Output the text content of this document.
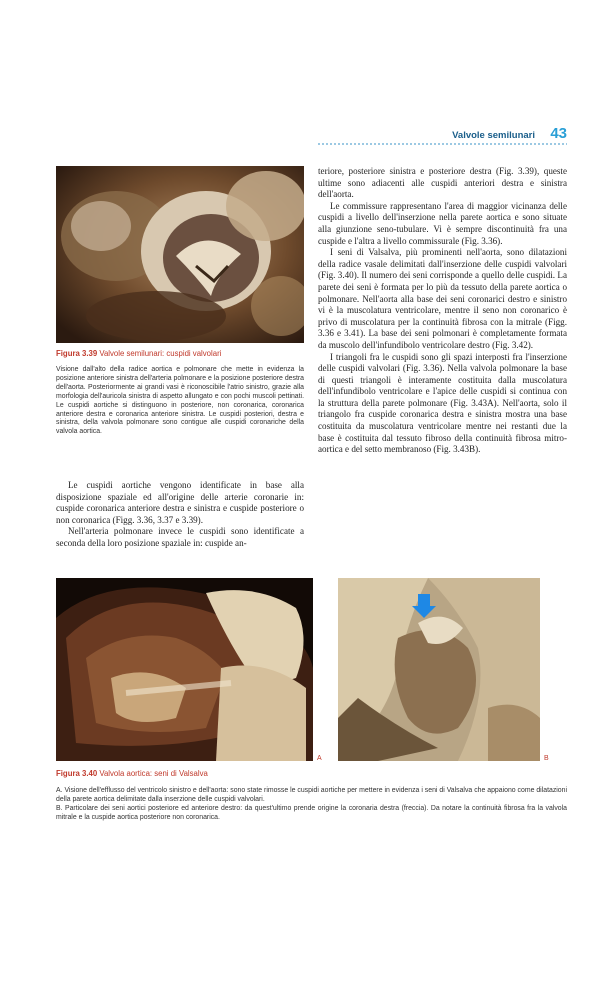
Valvole semilunari 43
Figura 3.39 Valvole semilunari: cuspidi valvolari

Visione dall'alto della radice aortica e polmonare che mette in evidenza la posizione anteriore sinistra dell'arteria polmonare e la posizione posteriore destra dell'aorta. Posteriormente ai grandi vasi è riconoscibile l'atrio sinistro, grazie alla morfologia dell'auricola sinistra di aspetto allungato e con pochi muscoli pettinati. Le cuspidi aortiche si distinguono in posteriore, non coronarica, coronarica anteriore destra e coronarica anteriore sinistra. Le cuspidi posteriori, destra e sinistra, della valvola polmonare sono contigue alle cuspidi coronariche della valvola aortica.

Le cuspidi aortiche vengono identificate in base alla disposizione spaziale ed all'origine delle arterie coronarie in: cuspide coronarica anteriore destra e sinistra e cuspide posteriore o non coronarica (Figg. 3.36, 3.37 e 3.39).

Nell'arteria polmonare invece le cuspidi sono identificate a seconda della loro posizione spaziale in: cuspide an-

teriore, posteriore sinistra e posteriore destra (Fig. 3.39), queste ultime sono adiacenti alle cuspidi anteriori destra e sinistra dell'aorta.

Le commissure rappresentano l'area di maggior vicinanza delle cuspidi a livello dell'inserzione nella parete aortica e sono situate alla giunzione seno-tubulare. Vi è sempre discontinuità fra una cuspide e l'altra a livello commissurale (Fig. 3.36).

I seni di Valsalva, più prominenti nell'aorta, sono dilatazioni della radice vasale delimitati dall'inserzione delle cuspidi valvolari (Fig. 3.40). Il numero dei seni corrisponde a quello delle cuspidi. La parete dei seni è formata per lo più da tessuto della parete aortica o polmonare. Nell'aorta alla base dei seni coronarici destro e sinistro vi è la muscolatura ventricolare, mentre il seno non coronarico è privo di muscolatura per la continuità fibrosa con la mitrale (Figg. 3.36 e 3.41). La base dei seni polmonari è completamente formata da muscolo dell'infundibolo ventricolare destro (Fig. 3.42).

I triangoli fra le cuspidi sono gli spazi interposti fra l'inserzione delle cuspidi valvolari (Fig. 3.36). Nella valvola polmonare la base di questi triangoli è interamente costituita dalla muscolatura dell'infundibolo ventricolare e l'apice delle cuspidi si continua con la struttura della parete polmonare (Fig. 3.43A). Nell'aorta, solo il triangolo fra cuspide coronarica destra e sinistra mostra una base costituita da muscolatura ventricolare mentre nei restanti due la base è costituita dal tessuto fibroso della continuità fibrosa mitro-aortica e del setto membranoso (Fig. 3.43B).

A	B
Figura 3.40 Valvola aortica: seni di Valsalva

A. Visione dell'efflusso del ventricolo sinistro e dell'aorta: sono state rimosse le cuspidi aortiche per mettere in evidenza i seni di Valsalva che appaiono come dilatazioni della parete aortica delimitate dalla inserzione delle cuspidi valvolari.

B. Particolare dei seni aortici posteriore ed anteriore destro: da quest'ultimo prende origine la coronaria destra (freccia). Da notare la continuità fibrosa fra la valvola mitrale e la cuspide aortica posteriore non coronarica.
